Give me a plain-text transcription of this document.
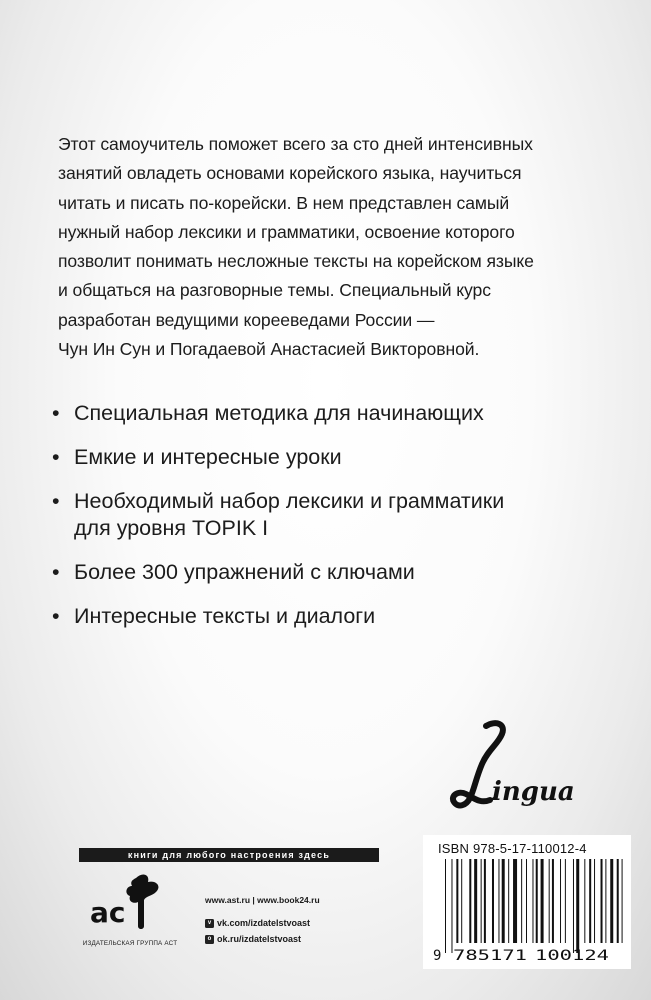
Этот самоучитель поможет всего за сто дней интенсивных
занятий овладеть основами корейского языка, научиться
читать и писать по-корейски. В нем представлен самый
нужный набор лексики и грамматики, освоение которого
позволит понимать несложные тексты на корейском языке
и общаться на разговорные темы. Специальный курс
разработан ведущими корееведами России —
Чун Ин Сун и Погадаевой Анастасией Викторовной.
• Специальная методика для начинающих
• Емкие и интересные уроки
• Необходимый набор лексики и грамматики
для уровня TOPIK I
• Более 300 упражнений с ключами
• Интересные тексты и диалоги
ingua
книги для любого настроения здесь
ас
ИЗДАТЕЛЬСКАЯ ГРУППА АСТ
www.ast.ru | www.book24.ru
v vk.com/izdatelstvoast
o ok.ru/izdatelstvoast
ISBN 978-5-17-110012-4
9 785171 100124
